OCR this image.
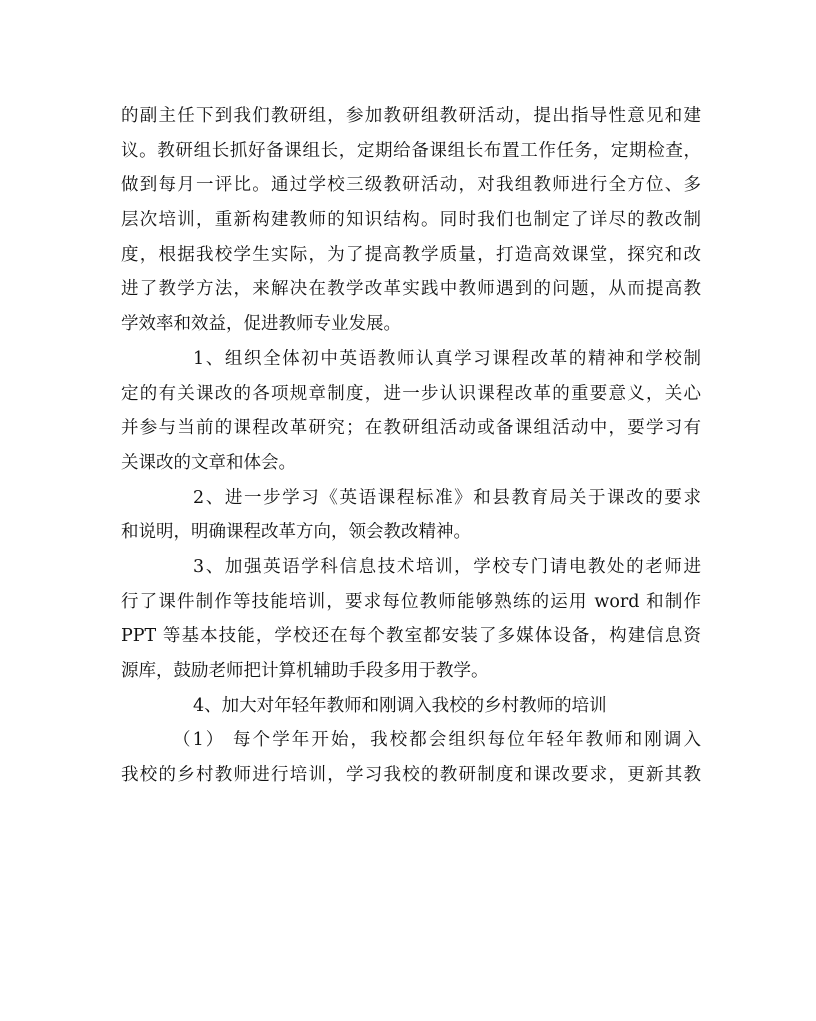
的副主任下到我们教研组，参加教研组教研活动，提出指导性意见和建
议。教研组长抓好备课组长，定期给备课组长布置工作任务，定期检查，
做到每月一评比。通过学校三级教研活动，对我组教师进行全方位、多
层次培训，重新构建教师的知识结构。同时我们也制定了详尽的教改制
度，根据我校学生实际，为了提高教学质量，打造高效课堂，探究和改
进了教学方法，来解决在教学改革实践中教师遇到的问题，从而提高教
学效率和效益，促进教师专业发展。
1、组织全体初中英语教师认真学习课程改革的精神和学校制
定的有关课改的各项规章制度，进一步认识课程改革的重要意义，关心
并参与当前的课程改革研究；在教研组活动或备课组活动中，要学习有
关课改的文章和体会。
2、进一步学习《英语课程标准》和县教育局关于课改的要求
和说明，明确课程改革方向，领会教改精神。
3、加强英语学科信息技术培训，学校专门请电教处的老师进
行了课件制作等技能培训，要求每位教师能够熟练的运用 word 和制作
PPT 等基本技能，学校还在每个教室都安装了多媒体设备，构建信息资
源库，鼓励老师把计算机辅助手段多用于教学。
4、加大对年轻年教师和刚调入我校的乡村教师的培训
（1） 每个学年开始，我校都会组织每位年轻年教师和刚调入
我校的乡村教师进行培训，学习我校的教研制度和课改要求，更新其教
